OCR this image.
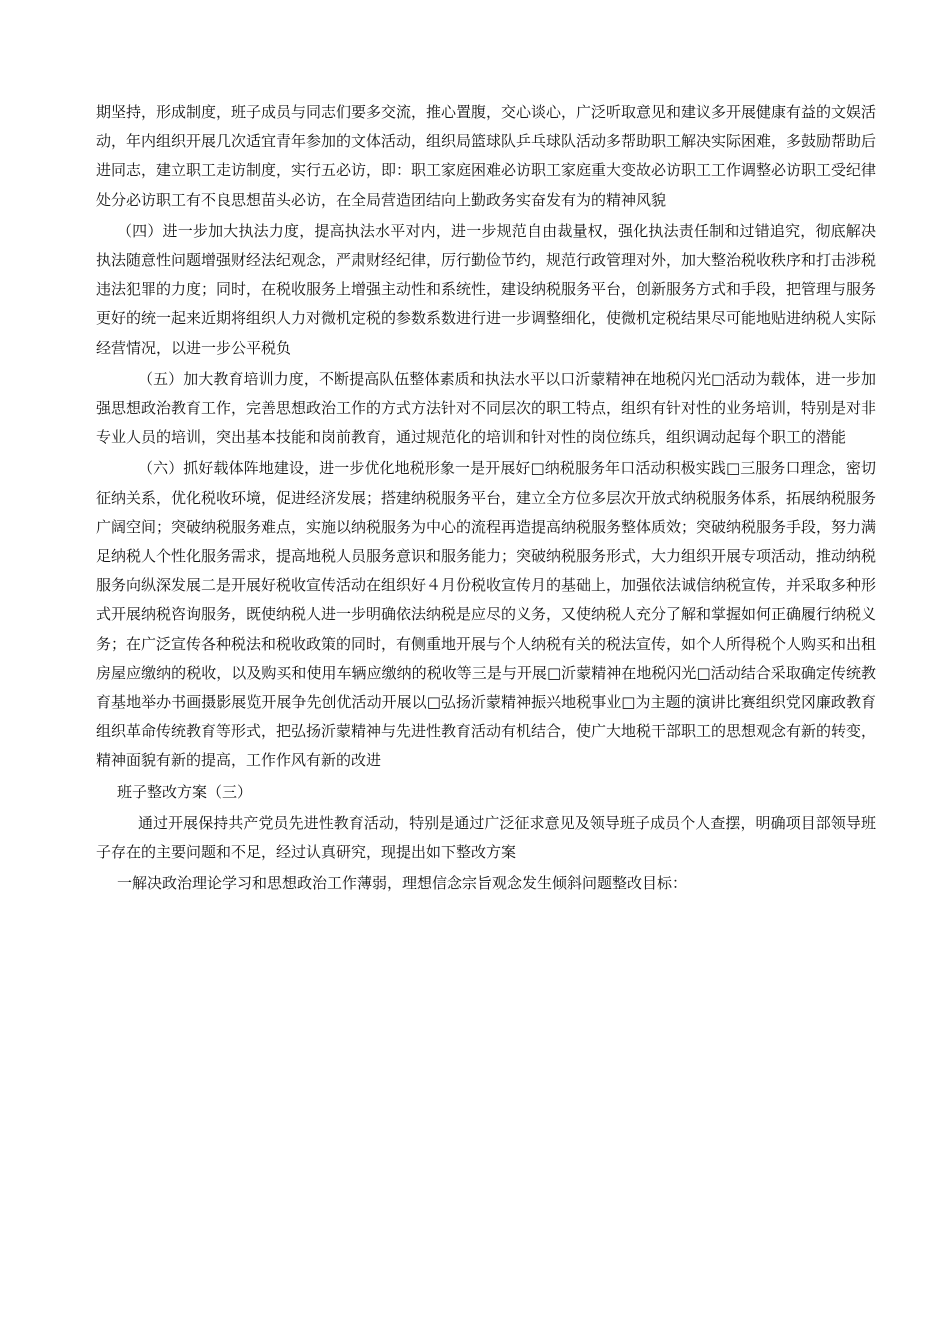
期坚持，形成制度，班子成员与同志们要多交流，推心置腹，交心谈心，广泛听取意见和建议多开展健康有益的文娱活动，年内组织开展几次适宜青年参加的文体活动，组织局篮球队乒乓球队活动多帮助职工解决实际困难，多鼓励帮助后进同志，建立职工走访制度，实行五必访，即：职工家庭困难必访职工家庭重大变故必访职工工作调整必访职工受纪律处分必访职工有不良思想苗头必访，在全局营造团结向上勤政务实奋发有为的精神风貌

（四）进一步加大执法力度，提高执法水平对内，进一步规范自由裁量权，强化执法责任制和过错追究，彻底解决执法随意性问题增强财经法纪观念，严肃财经纪律，厉行勤俭节约，规范行政管理对外，加大整治税收秩序和打击涉税违法犯罪的力度；同时，在税收服务上增强主动性和系统性，建设纳税服务平台，创新服务方式和手段，把管理与服务更好的统一起来近期将组织人力对微机定税的参数系数进行进一步调整细化，使微机定税结果尽可能地贴进纳税人实际经营情况，以进一步公平税负

（五）加大教育培训力度，不断提高队伍整体素质和执法水平以口沂蒙精神在地税闪光□活动为载体，进一步加强思想政治教育工作，完善思想政治工作的方式方法针对不同层次的职工特点，组织有针对性的业务培训，特别是对非专业人员的培训，突出基本技能和岗前教育，通过规范化的培训和针对性的岗位练兵，组织调动起每个职工的潜能

（六）抓好载体阵地建设，进一步优化地税形象一是开展好□纳税服务年口活动积极实践□三服务口理念，密切征纳关系，优化税收环境，促进经济发展；搭建纳税服务平台，建立全方位多层次开放式纳税服务体系，拓展纳税服务广阔空间；突破纳税服务难点，实施以纳税服务为中心的流程再造提高纳税服务整体质效；突破纳税服务手段，努力满足纳税人个性化服务需求，提高地税人员服务意识和服务能力；突破纳税服务形式，大力组织开展专项活动，推动纳税服务向纵深发展二是开展好税收宣传活动在组织好４月份税收宣传月的基础上，加强依法诚信纳税宣传，并采取多种形式开展纳税咨询服务，既使纳税人进一步明确依法纳税是应尽的义务，又使纳税人充分了解和掌握如何正确履行纳税义务；在广泛宣传各种税法和税收政策的同时，有侧重地开展与个人纳税有关的税法宣传，如个人所得税个人购买和出租房屋应缴纳的税收，以及购买和使用车辆应缴纳的税收等三是与开展□沂蒙精神在地税闪光□活动结合采取确定传统教育基地举办书画摄影展览开展争先创优活动开展以□弘扬沂蒙精神振兴地税事业□为主题的演讲比赛组织党冈廉政教育组织革命传统教育等形式，把弘扬沂蒙精神与先进性教育活动有机结合，使广大地税干部职工的思想观念有新的转变，精神面貌有新的提高，工作作风有新的改进

班子整改方案（三）

通过开展保持共产党员先进性教育活动，特别是通过广泛征求意见及领导班子成员个人查摆，明确项目部领导班子存在的主要问题和不足，经过认真研究，现提出如下整改方案

一解决政治理论学习和思想政治工作薄弱，理想信念宗旨观念发生倾斜问题整改目标：
